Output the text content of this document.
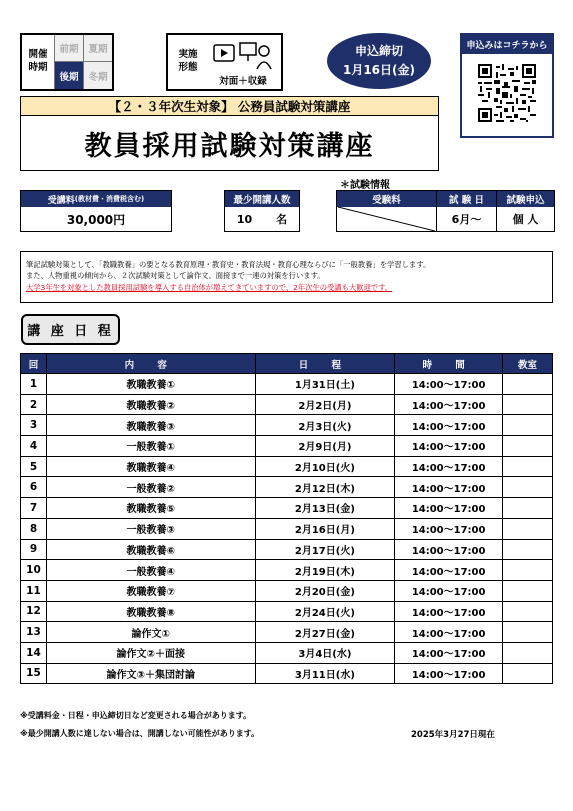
開催
時期
前期	夏期
後期	冬期
実施
形態
対面＋収録
申込締切
1月16日(金)
申込みはコチラから
【２・３年次生対象】 公務員試験対策講座
教員採用試験対策講座
＊試験情報
受講料 (教材費・消費税含む)
30,000円
最少開講人数
10 名
受験料	試 験 日
6月～
試験申込
個 人
筆記試験対策として、「教職教養」の要となる教育原理・教育史・教育法規・教育心理ならびに「一般教養」を学習します。
また、人物重視の傾向から、２次試験対策として論作文、面接まで一連の対策を行います。
大学3年生を対象とした教員採用試験を導入する自治体が増えてきていますので、2年次生の受講も大歓迎です。
講 座 日 程
回	内 容	日 程	時 間	教室
1	教職教養①	1月31日(土)	14:00～17:00	
2	教職教養②	2月2日(月)	14:00～17:00	
3	教職教養③	2月3日(火)	14:00～17:00	
4	一般教養①	2月9日(月)	14:00～17:00	
5	教職教養④	2月10日(火)	14:00～17:00	
6	一般教養②	2月12日(木)	14:00～17:00	
7	教職教養⑤	2月13日(金)	14:00～17:00	
8	一般教養③	2月16日(月)	14:00～17:00	
9	教職教養⑥	2月17日(火)	14:00～17:00	
10	一般教養④	2月19日(木)	14:00～17:00	
11	教職教養⑦	2月20日(金)	14:00～17:00	
12	教職教養⑧	2月24日(火)	14:00～17:00	
13	論作文①	2月27日(金)	14:00～17:00	
14	論作文②＋面接	3月4日(水)	14:00～17:00	
15	論作文③＋集団討論	3月11日(水)	14:00～17:00	
※受講料金・日程・申込締切日など変更される場合があります。
※最少開講人数に達しない場合は、開講しない可能性があります。	2025年3月27日現在
